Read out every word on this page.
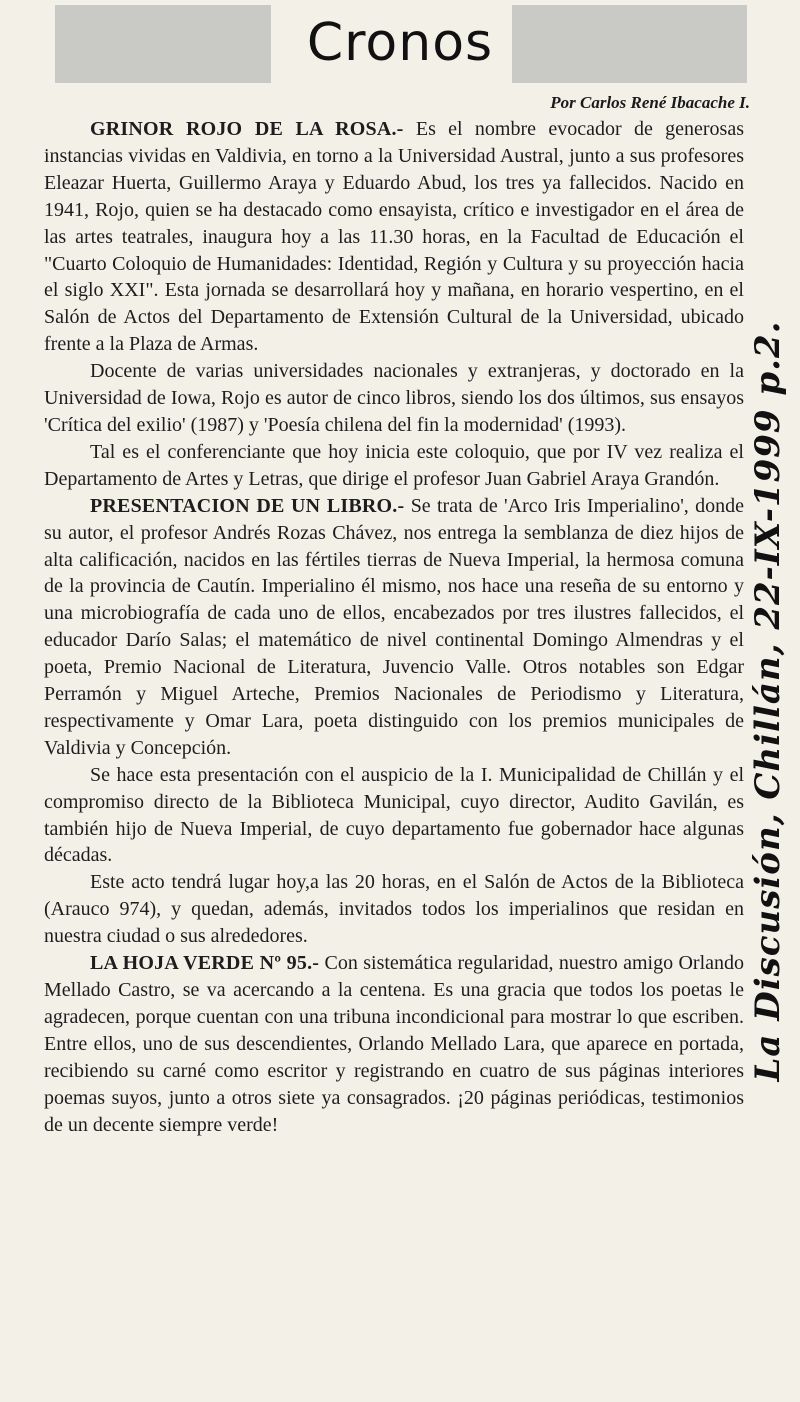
Cronos
Por Carlos René Ibacache I.

GRINOR ROJO DE LA ROSA.- Es el nombre evocador de generosas instancias vividas en Valdivia, en torno a la Universidad Austral, junto a sus profesores Eleazar Huerta, Guillermo Araya y Eduardo Abud, los tres ya fallecidos. Nacido en 1941, Rojo, quien se ha destacado como ensayista, crítico e investigador en el área de las artes teatrales, inaugura hoy a las 11.30 horas, en la Facultad de Educación el "Cuarto Coloquio de Humanidades: Identidad, Región y Cultura y su proyección hacia el siglo XXI". Esta jornada se desarrollará hoy y mañana, en horario vespertino, en el Salón de Actos del Departamento de Extensión Cultural de la Universidad, ubicado frente a la Plaza de Armas.

Docente de varias universidades nacionales y extranjeras, y doctorado en la Universidad de Iowa, Rojo es autor de cinco libros, siendo los dos últimos, sus ensayos 'Crítica del exilio' (1987) y 'Poesía chilena del fin la modernidad' (1993).

Tal es el conferenciante que hoy inicia este coloquio, que por IV vez realiza el Departamento de Artes y Letras, que dirige el profesor Juan Gabriel Araya Grandón.

PRESENTACION DE UN LIBRO.- Se trata de 'Arco Iris Imperialino', donde su autor, el profesor Andrés Rozas Chávez, nos entrega la semblanza de diez hijos de alta calificación, nacidos en las fértiles tierras de Nueva Imperial, la hermosa comuna de la provincia de Cautín. Imperialino él mismo, nos hace una reseña de su entorno y una microbiografía de cada uno de ellos, encabezados por tres ilustres fallecidos, el educador Darío Salas; el matemático de nivel continental Domingo Almendras y el poeta, Premio Nacional de Literatura, Juvencio Valle. Otros notables son Edgar Perramón y Miguel Arteche, Premios Nacionales de Periodismo y Literatura, respectivamente y Omar Lara, poeta distinguido con los premios municipales de Valdivia y Concepción.

Se hace esta presentación con el auspicio de la I. Municipalidad de Chillán y el compromiso directo de la Biblioteca Municipal, cuyo director, Audito Gavilán, es también hijo de Nueva Imperial, de cuyo departamento fue gobernador hace algunas décadas.

Este acto tendrá lugar hoy,a las 20 horas, en el Salón de Actos de la Biblioteca (Arauco 974), y quedan, además, invitados todos los imperialinos que residan en nuestra ciudad o sus alrededores.

LA HOJA VERDE Nº 95.- Con sistemática regularidad, nuestro amigo Orlando Mellado Castro, se va acercando a la centena. Es una gracia que todos los poetas le agradecen, porque cuentan con una tribuna incondicional para mostrar lo que escriben. Entre ellos, uno de sus descendientes, Orlando Mellado Lara, que aparece en portada, recibiendo su carné como escritor y registrando en cuatro de sus páginas interiores poemas suyos, junto a otros siete ya consagrados. ¡20 páginas periódicas, testimonios de un decente siempre verde!

La Discusión, Chillán, 22-IX-1999 p.2.
